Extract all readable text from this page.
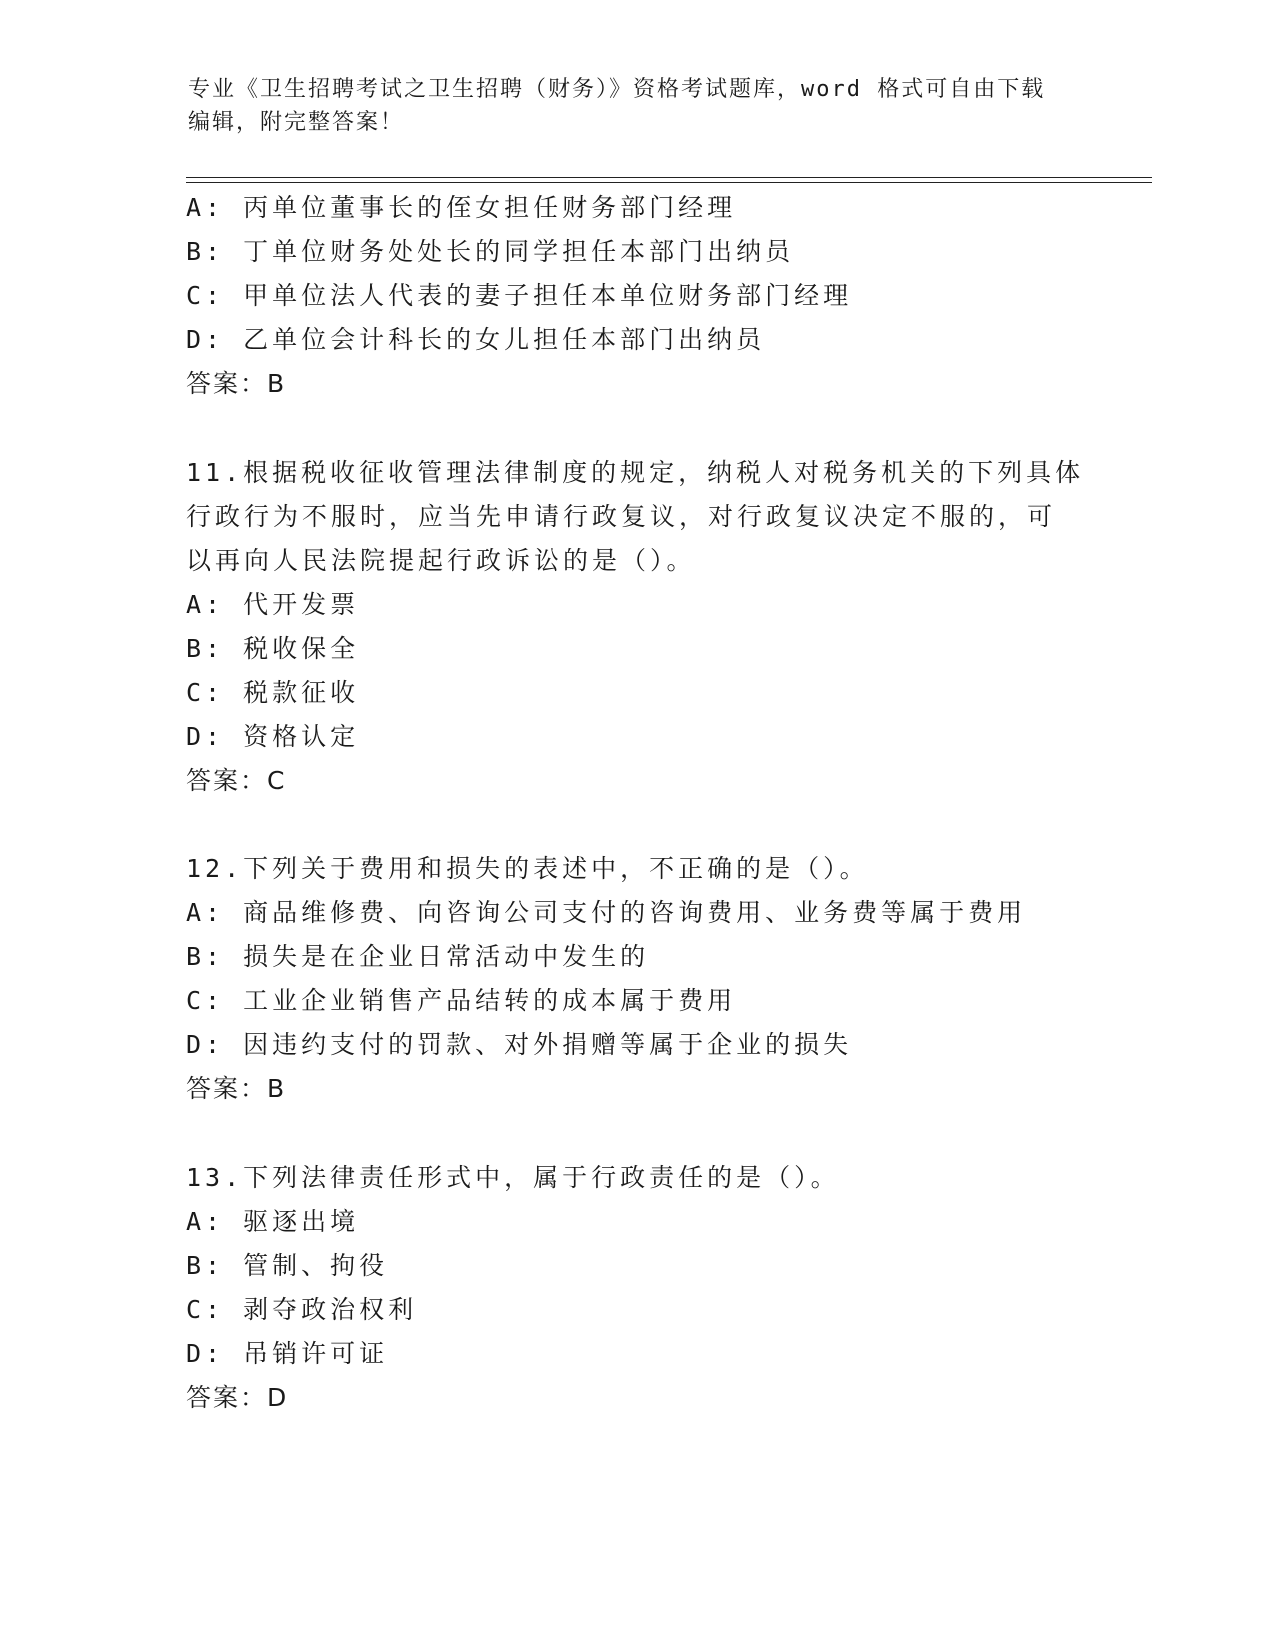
专业《卫生招聘考试之卫生招聘（财务）》资格考试题库，word 格式可自由下载
编辑，附完整答案！
A: 丙单位董事长的侄女担任财务部门经理
B: 丁单位财务处处长的同学担任本部门出纳员
C: 甲单位法人代表的妻子担任本单位财务部门经理
D: 乙单位会计科长的女儿担任本部门出纳员
答案：B
11.根据税收征收管理法律制度的规定，纳税人对税务机关的下列具体
行政行为不服时，应当先申请行政复议，对行政复议决定不服的，可
以再向人民法院提起行政诉讼的是（）。
A: 代开发票
B: 税收保全
C: 税款征收
D: 资格认定
答案：C
12.下列关于费用和损失的表述中，不正确的是（）。
A: 商品维修费、向咨询公司支付的咨询费用、业务费等属于费用
B: 损失是在企业日常活动中发生的
C: 工业企业销售产品结转的成本属于费用
D: 因违约支付的罚款、对外捐赠等属于企业的损失
答案：B
13.下列法律责任形式中，属于行政责任的是（）。
A: 驱逐出境
B: 管制、拘役
C: 剥夺政治权利
D: 吊销许可证
答案：D
